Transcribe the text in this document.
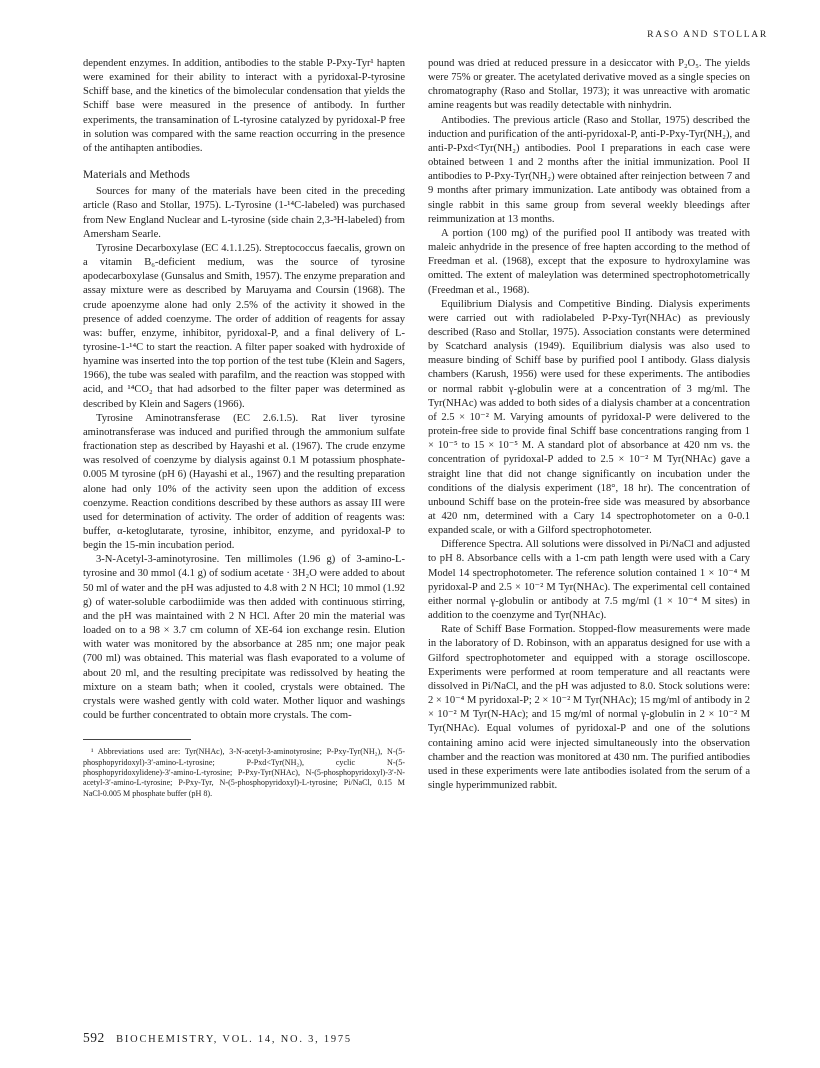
RASO AND STOLLAR

dependent enzymes. In addition, antibodies to the stable P-Pxy-Tyr¹ hapten were examined for their ability to interact with a pyridoxal-P-tyrosine Schiff base, and the kinetics of the bimolecular condensation that yields the Schiff base were measured in the presence of antibody. In further experiments, the transamination of L-tyrosine catalyzed by pyridoxal-P free in solution was compared with the same reaction occurring in the presence of the antihapten antibodies.

Materials and Methods

Sources for many of the materials have been cited in the preceding article (Raso and Stollar, 1975). L-Tyrosine (1-¹⁴C-labeled) was purchased from New England Nuclear and L-tyrosine (side chain 2,3-³H-labeled) from Amersham Searle.

Tyrosine Decarboxylase (EC 4.1.1.25). Streptococcus faecalis, grown on a vitamin B₆-deficient medium, was the source of tyrosine apodecarboxylase (Gunsalus and Smith, 1957). The enzyme preparation and assay mixture were as described by Maruyama and Coursin (1968). The crude apoenzyme alone had only 2.5% of the activity it showed in the presence of added coenzyme. The order of addition of reagents for assay was: buffer, enzyme, inhibitor, pyridoxal-P, and a final delivery of L-tyrosine-1-¹⁴C to start the reaction. A filter paper soaked with hydroxide of hyamine was inserted into the top portion of the test tube (Klein and Sagers, 1966), the tube was sealed with parafilm, and the reaction was stopped with acid, and ¹⁴CO₂ that had adsorbed to the filter paper was determined as described by Klein and Sagers (1966).

Tyrosine Aminotransferase (EC 2.6.1.5). Rat liver tyrosine aminotransferase was induced and purified through the ammonium sulfate fractionation step as described by Hayashi et al. (1967). The crude enzyme was resolved of coenzyme by dialysis against 0.1 M potassium phosphate-0.005 M tyrosine (pH 6) (Hayashi et al., 1967) and the resulting preparation alone had only 10% of the activity seen upon the addition of excess coenzyme. Reaction conditions described by these authors as assay III were used for determination of activity. The order of addition of reagents was: buffer, α-ketoglutarate, tyrosine, inhibitor, enzyme, and pyridoxal-P to begin the 15-min incubation period.

3-N-Acetyl-3-aminotyrosine. Ten millimoles (1.96 g) of 3-amino-L-tyrosine and 30 mmol (4.1 g) of sodium acetate · 3H₂O were added to about 50 ml of water and the pH was adjusted to 4.8 with 2 N HCl; 10 mmol (1.92 g) of water-soluble carbodiimide was then added with continuous stirring, and the pH was maintained with 2 N HCl. After 20 min the material was loaded on to a 98 × 3.7 cm column of XE-64 ion exchange resin. Elution with water was monitored by the absorbance at 285 nm; one major peak (700 ml) was obtained. This material was flash evaporated to a volume of about 20 ml, and the resulting precipitate was redissolved by heating the mixture on a steam bath; when it cooled, crystals were obtained. The crystals were washed gently with cold water. Mother liquor and washings could be further concentrated to obtain more crystals. The com-

¹ Abbreviations used are: Tyr(NHAc), 3-N-acetyl-3-aminotyrosine; P-Pxy-Tyr(NH₂), N-(5-phosphopyridoxyl)-3′-amino-L-tyrosine; P-Pxd<Tyr(NH₂), cyclic N-(5-phosphopyridoxylidene)-3′-amino-L-tyrosine; P-Pxy-Tyr(NHAc), N-(5-phosphopyridoxyl)-3′-N-acetyl-3′-amino-L-tyrosine; P-Pxy-Tyr, N-(5-phosphopyridoxyl)-L-tyrosine; Pi/NaCl, 0.15 M NaCl-0.005 M phosphate buffer (pH 8).

pound was dried at reduced pressure in a desiccator with P₂O₅. The yields were 75% or greater. The acetylated derivative moved as a single species on chromatography (Raso and Stollar, 1973); it was unreactive with aromatic amine reagents but was readily detectable with ninhydrin.

Antibodies. The previous article (Raso and Stollar, 1975) described the induction and purification of the anti-pyridoxal-P, anti-P-Pxy-Tyr(NH₂), and anti-P-Pxd<Tyr(NH₂) antibodies. Pool I preparations in each case were obtained between 1 and 2 months after the initial immunization. Pool II antibodies to P-Pxy-Tyr(NH₂) were obtained after reinjection between 7 and 9 months after primary immunization. Late antibody was obtained from a single rabbit in this same group from several weekly bleedings after reimmunization at 13 months.

A portion (100 mg) of the purified pool II antibody was treated with maleic anhydride in the presence of free hapten according to the method of Freedman et al. (1968), except that the exposure to hydroxylamine was omitted. The extent of maleylation was determined spectrophotometrically (Freedman et al., 1968).

Equilibrium Dialysis and Competitive Binding. Dialysis experiments were carried out with radiolabeled P-Pxy-Tyr(NHAc) as previously described (Raso and Stollar, 1975). Association constants were determined by Scatchard analysis (1949). Equilibrium dialysis was also used to measure binding of Schiff base by purified pool I antibody. Glass dialysis chambers (Karush, 1956) were used for these experiments. The antibodies or normal rabbit γ-globulin were at a concentration of 3 mg/ml. The Tyr(NHAc) was added to both sides of a dialysis chamber at a concentration of 2.5 × 10⁻² M. Varying amounts of pyridoxal-P were delivered to the protein-free side to provide final Schiff base concentrations ranging from 1 × 10⁻⁵ to 15 × 10⁻⁵ M. A standard plot of absorbance at 420 nm vs. the concentration of pyridoxal-P added to 2.5 × 10⁻² M Tyr(NHAc) gave a straight line that did not change significantly on incubation under the conditions of the dialysis experiment (18°, 18 hr). The concentration of unbound Schiff base on the protein-free side was measured by absorbance at 420 nm, determined with a Cary 14 spectrophotometer on a 0-0.1 expanded scale, or with a Gilford spectrophotometer.

Difference Spectra. All solutions were dissolved in Pi/NaCl and adjusted to pH 8. Absorbance cells with a 1-cm path length were used with a Cary Model 14 spectrophotometer. The reference solution contained 1 × 10⁻⁴ M pyridoxal-P and 2.5 × 10⁻² M Tyr(NHAc). The experimental cell contained either normal γ-globulin or antibody at 7.5 mg/ml (1 × 10⁻⁴ M sites) in addition to the coenzyme and Tyr(NHAc).

Rate of Schiff Base Formation. Stopped-flow measurements were made in the laboratory of D. Robinson, with an apparatus designed for use with a Gilford spectrophotometer and equipped with a storage oscilloscope. Experiments were performed at room temperature and all reactants were dissolved in Pi/NaCl, and the pH was adjusted to 8.0. Stock solutions were: 2 × 10⁻⁴ M pyridoxal-P; 2 × 10⁻² M Tyr(NHAc); 15 mg/ml of antibody in 2 × 10⁻² M Tyr(N-HAc); and 15 mg/ml of normal γ-globulin in 2 × 10⁻² M Tyr(NHAc). Equal volumes of pyridoxal-P and one of the solutions containing amino acid were injected simultaneously into the observation chamber and the reaction was monitored at 430 nm. The purified antibodies used in these experiments were late antibodies isolated from the serum of a single hyperimmunized rabbit.

592 BIOCHEMISTRY, VOL. 14, NO. 3, 1975
